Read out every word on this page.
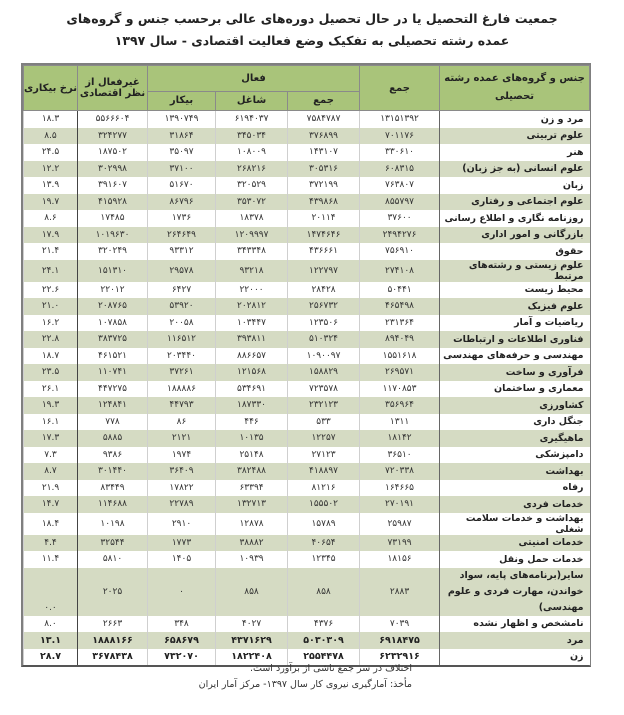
جمعیت فارغ التحصیل یا در حال تحصیل دوره‌های عالی برحسب جنس و گروه‌های
عمده رشته تحصیلی به تفکیک وضع فعالیت اقتصادی - سال ۱۳۹۷
جنس و گروه‌های عمده رشته تحصیلی	جمع	فعال			غیرفعال از نظر اقتصادی	نرخ بیکاری
		جمع	شاغل	بیکار		
مرد و زن	۱۳۱۵۱۳۹۲	۷۵۸۴۷۸۷	۶۱۹۴۰۳۷	۱۳۹۰۷۴۹	۵۵۶۶۶۰۴	۱۸.۳
علوم تربیتی	۷۰۱۱۷۶	۳۷۶۸۹۹	۳۴۵۰۳۴	۳۱۸۶۴	۳۲۴۲۷۷	۸.۵
هنر	۳۳۰۶۱۰	۱۴۳۱۰۷	۱۰۸۰۰۹	۳۵۰۹۷	۱۸۷۵۰۲	۲۴.۵
علوم انسانی (به جز زبان)	۶۰۸۳۱۵	۳۰۵۳۱۶	۲۶۸۲۱۶	۳۷۱۰۰	۳۰۲۹۹۸	۱۲.۲
زبان	۷۶۳۸۰۷	۳۷۲۱۹۹	۳۲۰۵۲۹	۵۱۶۷۰	۳۹۱۶۰۷	۱۳.۹
علوم اجتماعی و رفتاری	۸۵۵۷۹۷	۴۳۹۸۶۸	۳۵۳۰۷۲	۸۶۷۹۶	۴۱۵۹۲۸	۱۹.۷
روزنامه نگاری و اطلاع رسانی	۳۷۶۰۰	۲۰۱۱۴	۱۸۳۷۸	۱۷۳۶	۱۷۴۸۵	۸.۶
بازرگانی و امور اداری	۲۴۹۴۲۷۶	۱۴۷۴۶۴۶	۱۲۰۹۹۹۷	۲۶۴۶۴۹	۱۰۱۹۶۳۰	۱۷.۹
حقوق	۷۵۶۹۱۰	۴۳۶۶۶۱	۳۴۳۳۴۸	۹۳۳۱۲	۳۲۰۲۴۹	۲۱.۴
علوم زیستی و رشته‌های مرتبط	۲۷۴۱۰۸	۱۲۲۷۹۷	۹۳۲۱۸	۲۹۵۷۸	۱۵۱۳۱۰	۲۴.۱
محیط زیست	۵۰۴۴۱	۲۸۴۲۸	۲۲۰۰۰	۶۴۲۷	۲۲۰۱۲	۲۲.۶
علوم فیزیک	۴۶۵۴۹۸	۲۵۶۷۳۲	۲۰۲۸۱۲	۵۳۹۲۰	۲۰۸۷۶۵	۲۱.۰
ریاضیات و آمار	۲۳۱۳۶۴	۱۲۳۵۰۶	۱۰۳۴۴۷	۲۰۰۵۸	۱۰۷۸۵۸	۱۶.۲
فناوری اطلاعات و ارتباطات	۸۹۴۰۴۹	۵۱۰۳۲۴	۳۹۳۸۱۱	۱۱۶۵۱۲	۳۸۳۷۲۵	۲۲.۸
مهندسی و حرفه‌های مهندسی	۱۵۵۱۶۱۸	۱۰۹۰۰۹۷	۸۸۶۶۵۷	۲۰۳۴۴۰	۴۶۱۵۲۱	۱۸.۷
فرآوری و ساخت	۲۶۹۵۷۱	۱۵۸۸۲۹	۱۲۱۵۶۸	۳۷۲۶۱	۱۱۰۷۴۱	۲۳.۵
معماری و ساختمان	۱۱۷۰۸۵۳	۷۲۳۵۷۸	۵۳۴۶۹۱	۱۸۸۸۸۶	۴۴۷۲۷۵	۲۶.۱
کشاورزی	۳۵۶۹۶۴	۲۳۲۱۲۳	۱۸۷۳۳۰	۴۴۷۹۳	۱۲۴۸۴۱	۱۹.۳
جنگل داری	۱۳۱۱	۵۳۳	۴۴۶	۸۶	۷۷۸	۱۶.۱
ماهیگیری	۱۸۱۴۲	۱۲۲۵۷	۱۰۱۳۵	۲۱۲۱	۵۸۸۵	۱۷.۳
دامپزشکی	۳۶۵۱۰	۲۷۱۲۳	۲۵۱۴۸	۱۹۷۴	۹۳۸۶	۷.۳
بهداشت	۷۲۰۳۳۸	۴۱۸۸۹۷	۳۸۲۴۸۸	۳۶۴۰۹	۳۰۱۴۴۰	۸.۷
رفاه	۱۶۴۶۶۵	۸۱۲۱۶	۶۳۳۹۴	۱۷۸۲۲	۸۳۴۴۹	۲۱.۹
خدمات فردی	۲۷۰۱۹۱	۱۵۵۵۰۲	۱۳۲۷۱۳	۲۲۷۸۹	۱۱۴۶۸۸	۱۴.۷
بهداشت و خدمات سلامت شغلی	۲۵۹۸۷	۱۵۷۸۹	۱۲۸۷۸	۲۹۱۰	۱۰۱۹۸	۱۸.۴
خدمات امنیتی	۷۳۱۹۹	۴۰۶۵۴	۳۸۸۸۲	۱۷۷۳	۳۲۵۴۴	۴.۴
خدمات حمل ونقل	۱۸۱۵۶	۱۲۳۴۵	۱۰۹۳۹	۱۴۰۵	۵۸۱۰	۱۱.۴
سایر(برنامه‌های پایه، سواد خواندن، مهارت فردی و علوم مهندسی)	۲۸۸۳	۸۵۸	۸۵۸	۰	۲۰۲۵	۰.۰
نامشخص و اظهار نشده	۷۰۳۹	۴۳۷۶	۴۰۲۷	۳۴۸	۲۶۶۳	۸.۰
مرد	۶۹۱۸۴۷۵	۵۰۳۰۳۰۹	۴۳۷۱۶۲۹	۶۵۸۶۷۹	۱۸۸۸۱۶۶	۱۳.۱
زن	۶۲۳۲۹۱۶	۲۵۵۴۴۷۸	۱۸۲۲۴۰۸	۷۳۲۰۷۰	۳۶۷۸۴۳۸	۲۸.۷
اختلاف در سر جمع ناشی از برآورد است.
مأخذ: آمارگیری نیروی کار سال ۱۳۹۷- مرکز آمار ایران
